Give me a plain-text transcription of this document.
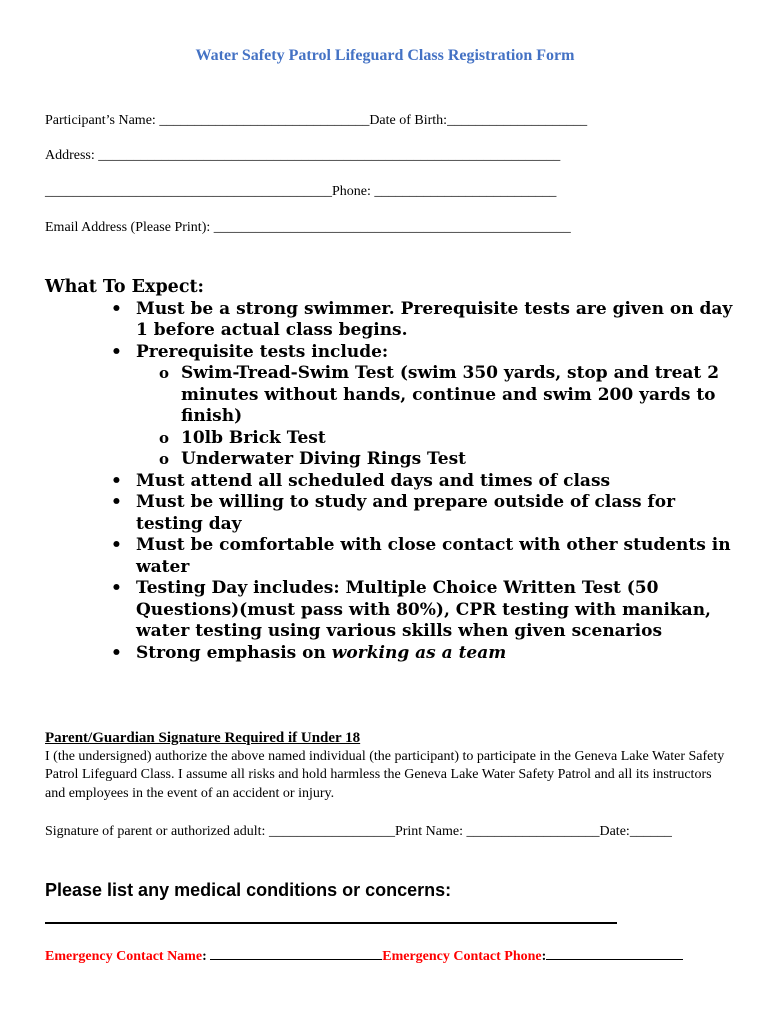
Water Safety Patrol Lifeguard Class Registration Form
Participant’s Name: ______________________________Date of Birth:____________________
Address: __________________________________________________________________
_________________________________________Phone: __________________________
Email Address (Please Print): ___________________________________________________

What To Expect:

• Must be a strong swimmer. Prerequisite tests are given on day 1 before actual class begins.
• Prerequisite tests include:
o Swim-Tread-Swim Test (swim 350 yards, stop and treat 2 minutes without hands, continue and swim 200 yards to finish)
o 10lb Brick Test
o Underwater Diving Rings Test
• Must attend all scheduled days and times of class
• Must be willing to study and prepare outside of class for testing day
• Must be comfortable with close contact with other students in water
• Testing Day includes: Multiple Choice Written Test (50 Questions)(must pass with 80%), CPR testing with manikan, water testing using various skills when given scenarios
• Strong emphasis on working as a team

Parent/Guardian Signature Required if Under 18

I (the undersigned) authorize the above named individual (the participant) to participate in the Geneva Lake Water Safety Patrol Lifeguard Class. I assume all risks and hold harmless the Geneva Lake Water Safety Patrol and all its instructors and employees in the event of an accident or injury.

Signature of parent or authorized adult: __________________Print Name: ___________________Date:______
Please list any medical conditions or concerns:
Emergency Contact Name:	Emergency Contact Phone:
